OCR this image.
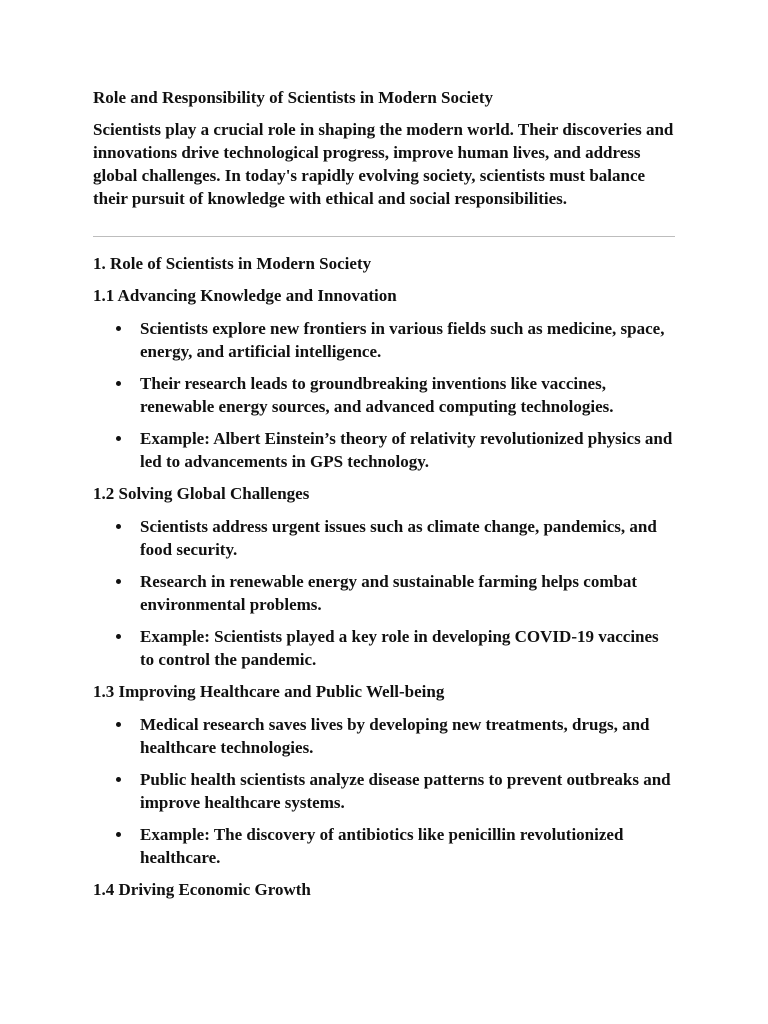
Role and Responsibility of Scientists in Modern Society

Scientists play a crucial role in shaping the modern world. Their discoveries and innovations drive technological progress, improve human lives, and address global challenges. In today's rapidly evolving society, scientists must balance their pursuit of knowledge with ethical and social responsibilities.

1. Role of Scientists in Modern Society
1.1 Advancing Knowledge and Innovation
Scientists explore new frontiers in various fields such as medicine, space, energy, and artificial intelligence.
Their research leads to groundbreaking inventions like vaccines, renewable energy sources, and advanced computing technologies.
Example: Albert Einstein’s theory of relativity revolutionized physics and led to advancements in GPS technology.
1.2 Solving Global Challenges
Scientists address urgent issues such as climate change, pandemics, and food security.
Research in renewable energy and sustainable farming helps combat environmental problems.
Example: Scientists played a key role in developing COVID-19 vaccines to control the pandemic.
1.3 Improving Healthcare and Public Well-being
Medical research saves lives by developing new treatments, drugs, and healthcare technologies.
Public health scientists analyze disease patterns to prevent outbreaks and improve healthcare systems.
Example: The discovery of antibiotics like penicillin revolutionized healthcare.
1.4 Driving Economic Growth
